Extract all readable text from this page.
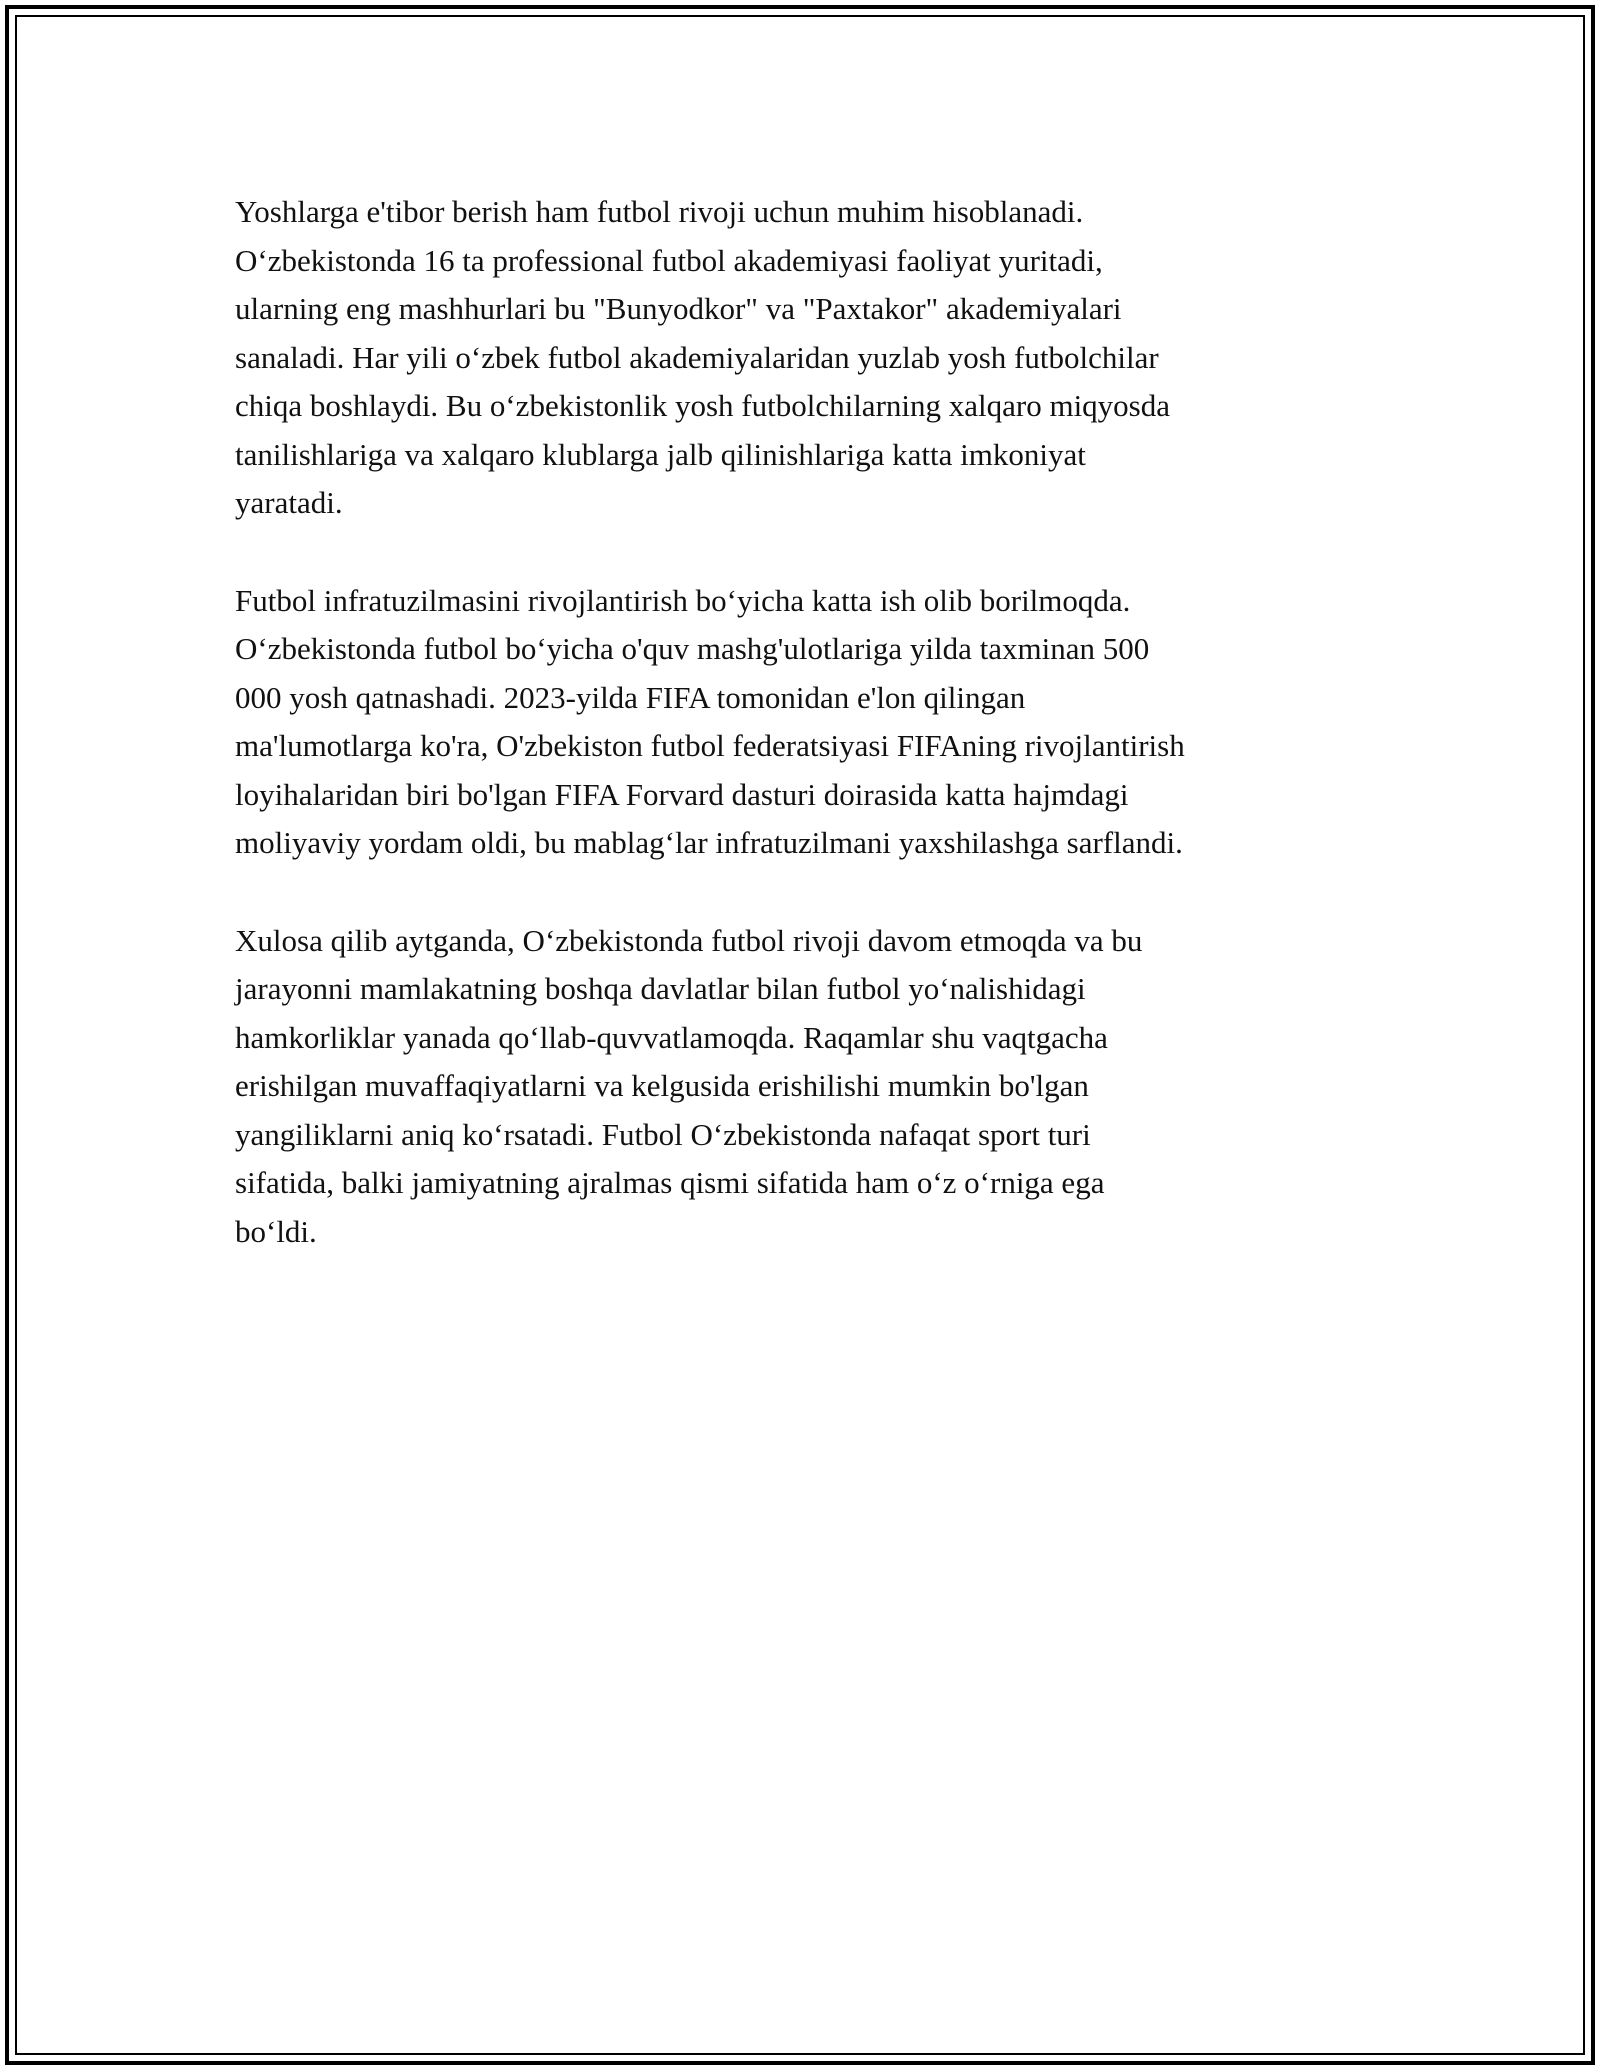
Yoshlarga e'tibor berish ham futbol rivoji uchun muhim hisoblanadi.
O‘zbekistonda 16 ta professional futbol akademiyasi faoliyat yuritadi,
ularning eng mashhurlari bu "Bunyodkor" va "Paxtakor" akademiyalari
sanaladi. Har yili o‘zbek futbol akademiyalaridan yuzlab yosh futbolchilar
chiqa boshlaydi. Bu o‘zbekistonlik yosh futbolchilarning xalqaro miqyosda
tanilishlariga va xalqaro klublarga jalb qilinishlariga katta imkoniyat
yaratadi.

Futbol infratuzilmasini rivojlantirish bo‘yicha katta ish olib borilmoqda.
O‘zbekistonda futbol bo‘yicha o'quv mashg'ulotlariga yilda taxminan 500
000 yosh qatnashadi. 2023-yilda FIFA tomonidan e'lon qilingan
ma'lumotlarga ko'ra, O'zbekiston futbol federatsiyasi FIFAning rivojlantirish
loyihalaridan biri bo'lgan FIFA Forvard dasturi doirasida katta hajmdagi
moliyaviy yordam oldi, bu mablag‘lar infratuzilmani yaxshilashga sarflandi.

Xulosa qilib aytganda, O‘zbekistonda futbol rivoji davom etmoqda va bu
jarayonni mamlakatning boshqa davlatlar bilan futbol yo‘nalishidagi
hamkorliklar yanada qo‘llab-quvvatlamoqda. Raqamlar shu vaqtgacha
erishilgan muvaffaqiyatlarni va kelgusida erishilishi mumkin bo'lgan
yangiliklarni aniq ko‘rsatadi. Futbol O‘zbekistonda nafaqat sport turi
sifatida, balki jamiyatning ajralmas qismi sifatida ham o‘z o‘rniga ega
bo‘ldi.
